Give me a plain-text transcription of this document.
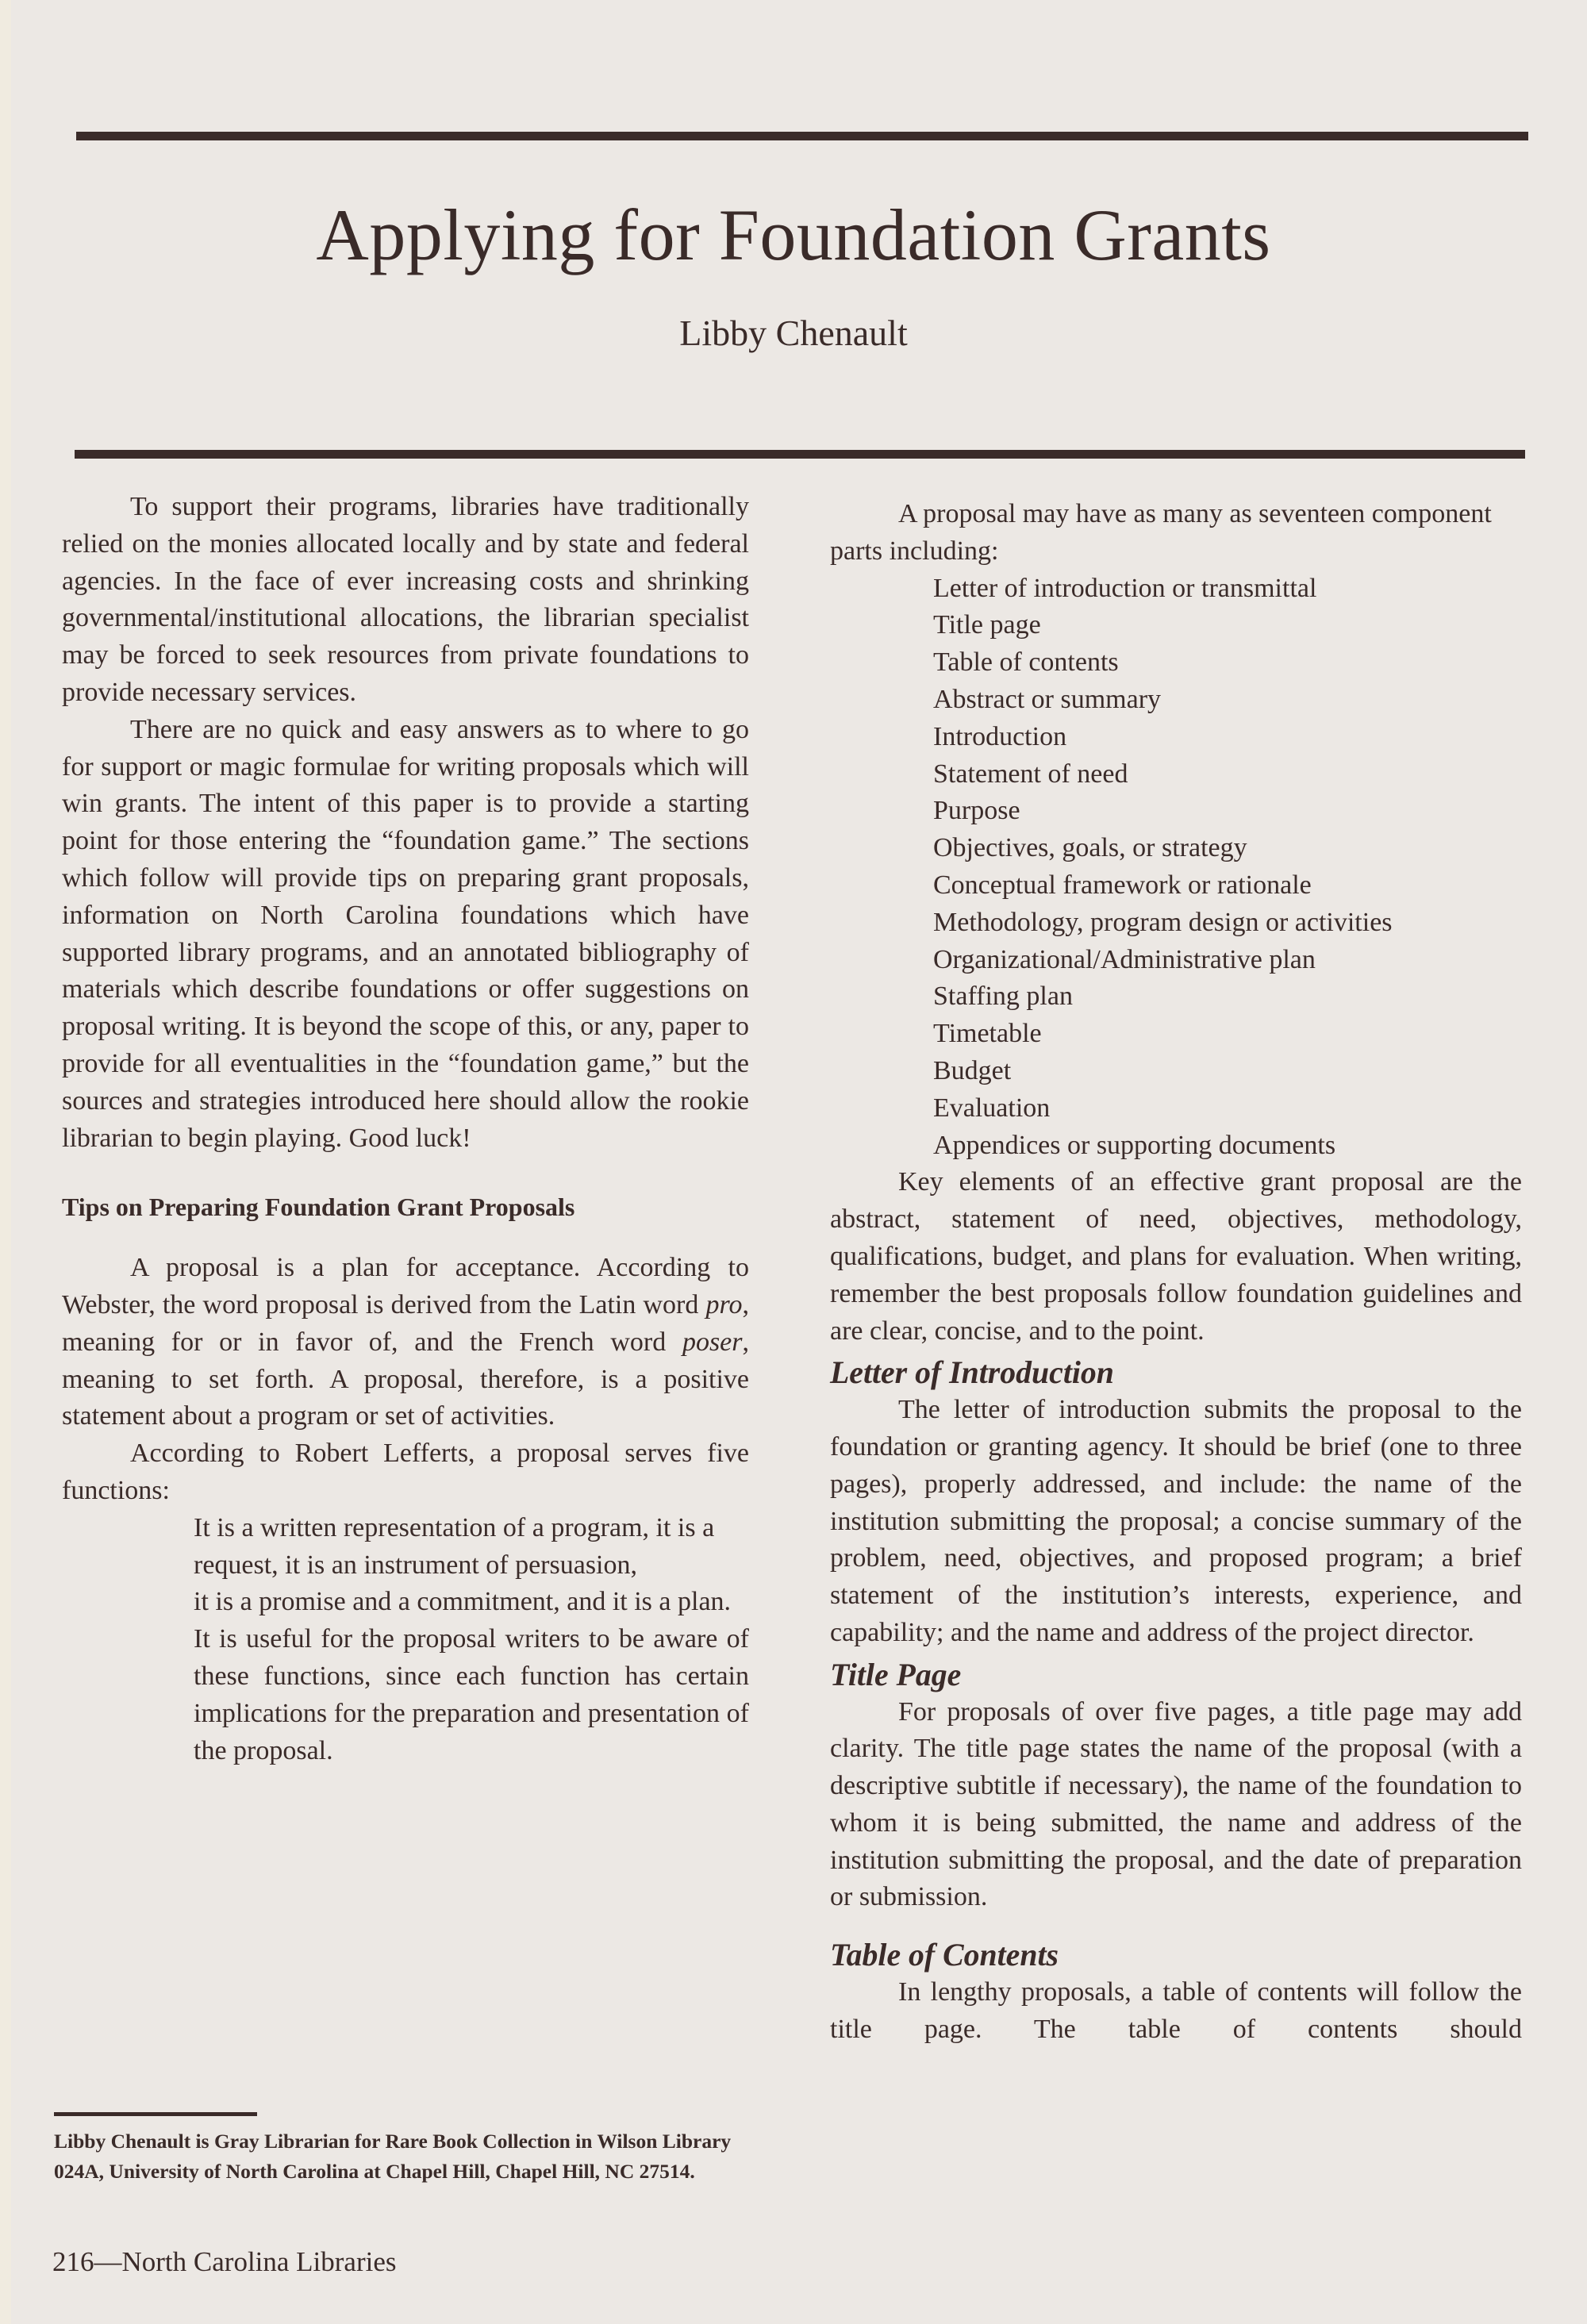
Applying for Foundation Grants

Libby Chenault

To support their programs, libraries have traditionally relied on the monies allocated locally and by state and federal agencies. In the face of ever increasing costs and shrinking governmental/institutional allocations, the librarian specialist may be forced to seek resources from private foundations to provide necessary services.

There are no quick and easy answers as to where to go for support or magic formulae for writing proposals which will win grants. The intent of this paper is to provide a starting point for those entering the “foundation game.” The sections which follow will provide tips on preparing grant proposals, information on North Carolina foundations which have supported library programs, and an annotated bibliography of materials which describe foundations or offer suggestions on proposal writing. It is beyond the scope of this, or any, paper to provide for all eventualities in the “foundation game,” but the sources and strategies introduced here should allow the rookie librarian to begin playing. Good luck!

Tips on Preparing Foundation Grant Proposals

A proposal is a plan for acceptance. According to Webster, the word proposal is derived from the Latin word pro, meaning for or in favor of, and the French word poser, meaning to set forth. A proposal, therefore, is a positive statement about a program or set of activities.

According to Robert Lefferts, a proposal serves five functions:

It is a written representation of a program, it is a request, it is an instrument of persuasion,

it is a promise and a commitment, and it is a plan.

It is useful for the proposal writers to be aware of these functions, since each function has certain implications for the preparation and presentation of the proposal.

Libby Chenault is Gray Librarian for Rare Book Collection in Wilson Library 024A, University of North Carolina at Chapel Hill, Chapel Hill, NC 27514.

216—North Carolina Libraries

A proposal may have as many as seventeen component parts including:

Letter of introduction or transmittal
Title page
Table of contents
Abstract or summary
Introduction
Statement of need
Purpose
Objectives, goals, or strategy
Conceptual framework or rationale
Methodology, program design or activities
Organizational/Administrative plan
Staffing plan
Timetable
Budget
Evaluation
Appendices or supporting documents

Key elements of an effective grant proposal are the abstract, statement of need, objectives, methodology, qualifications, budget, and plans for evaluation. When writing, remember the best proposals follow foundation guidelines and are clear, concise, and to the point.

Letter of Introduction

The letter of introduction submits the proposal to the foundation or granting agency. It should be brief (one to three pages), properly addressed, and include: the name of the institution submitting the proposal; a concise summary of the problem, need, objectives, and proposed program; a brief statement of the institution’s interests, experience, and capability; and the name and address of the project director.

Title Page

For proposals of over five pages, a title page may add clarity. The title page states the name of the proposal (with a descriptive subtitle if necessary), the name of the foundation to whom it is being submitted, the name and address of the institution submitting the proposal, and the date of preparation or submission.

Table of Contents

In lengthy proposals, a table of contents will follow the title page. The table of contents should
